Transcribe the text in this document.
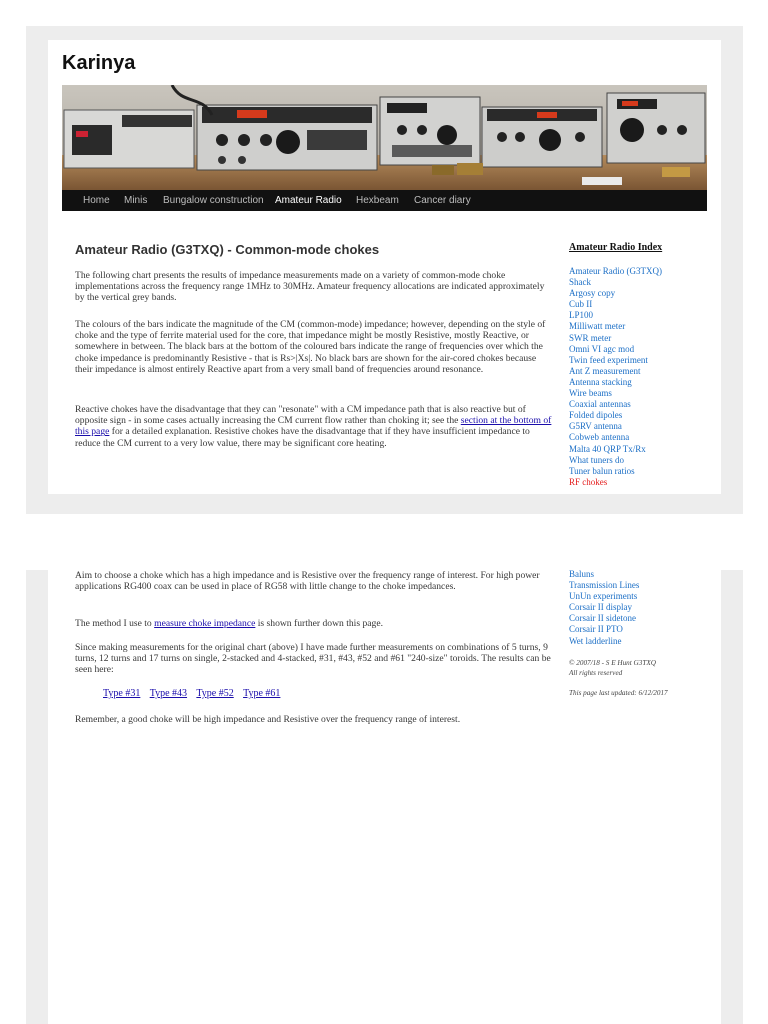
Karinya
Home Minis Bungalow construction Amateur Radio Hexbeam Cancer diary
Amateur Radio (G3TXQ) - Common-mode chokes

The following chart presents the results of impedance measurements made on a variety of common-mode choke implementations across the frequency range 1MHz to 30MHz. Amateur frequency allocations are indicated approximately by the vertical grey bands.

The colours of the bars indicate the magnitude of the CM (common-mode) impedance; however, depending on the style of choke and the type of ferrite material used for the core, that impedance might be mostly Resistive, mostly Reactive, or somewhere in between. The black bars at the bottom of the coloured bars indicate the range of frequencies over which the choke impedance is predominantly Resistive - that is Rs>|Xs|. No black bars are shown for the air-cored chokes because their impedance is almost entirely Reactive apart from a very small band of frequencies around resonance.

Reactive chokes have the disadvantage that they can "resonate" with a CM impedance path that is also reactive but of opposite sign - in some cases actually increasing the CM current flow rather than choking it; see the section at the bottom of this page for a detailed explanation. Resistive chokes have the disadvantage that if they have insufficient impedance to reduce the CM current to a very low value, there may be significant core heating.

Amateur Radio Index
Amateur Radio (G3TXQ)
Shack
Argosy copy
Cub II
LP100
Milliwatt meter
SWR meter
Omni VI agc mod
Twin feed experiment
Ant Z measurement
Antenna stacking
Wire beams
Coaxial antennas
Folded dipoles
G5RV antenna
Cobweb antenna
Malta 40 QRP Tx/Rx
What tuners do
Tuner balun ratios
RF chokes

Aim to choose a choke which has a high impedance and is Resistive over the frequency range of interest. For high power applications RG400 coax can be used in place of RG58 with little change to the choke impedances.

The method I use to measure choke impedance is shown further down this page.

Since making measurements for the original chart (above) I have made further measurements on combinations of 5 turns, 9 turns, 12 turns and 17 turns on single, 2-stacked and 4-stacked, #31, #43, #52 and #61 "240-size" toroids. The results can be seen here:

Type #31 Type #43 Type #52 Type #61

Remember, a good choke will be high impedance and Resistive over the frequency range of interest.

Baluns
Transmission Lines
UnUn experiments
Corsair II display
Corsair II sidetone
Corsair II PTO
Wet ladderline

© 2007/18 - S E Hunt G3TXQ
All rights reserved

This page last updated: 6/12/2017
